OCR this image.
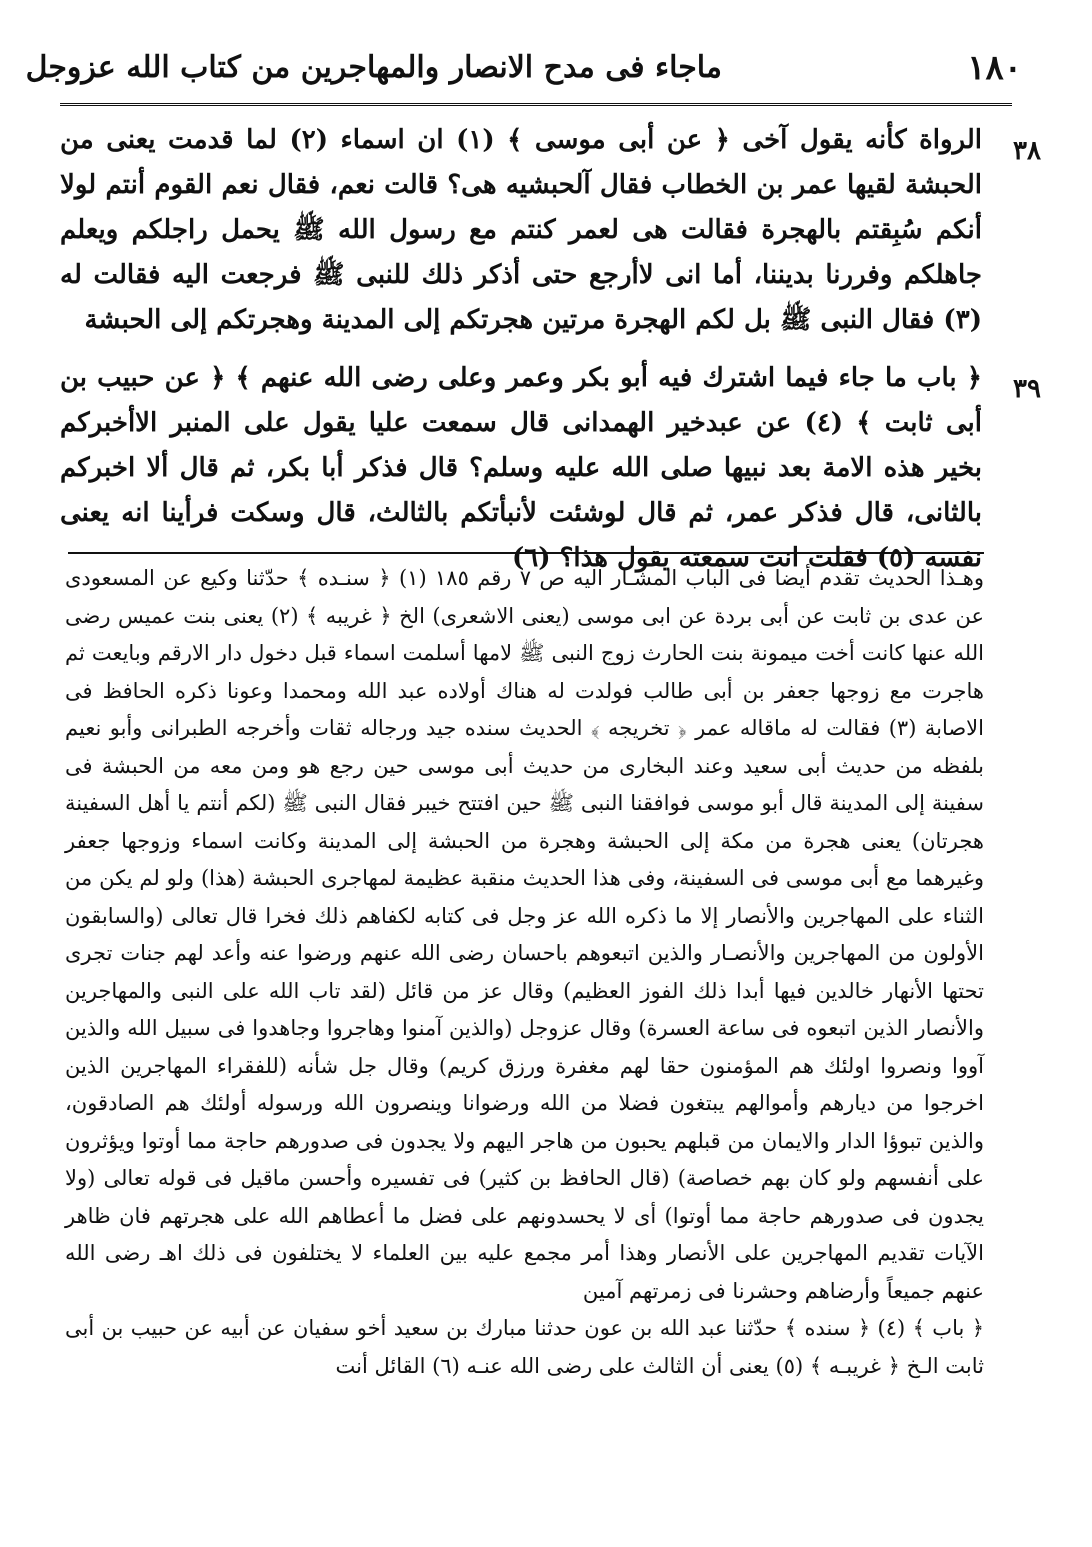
١٨٠
ماجاء فى مدح الانصار والمهاجرين من كتاب الله عزوجل
٣٨
الرواة كأنه يقول آخى ﴿ عن أبى موسى ﴾ (١) ان اسماء (٢) لما قدمت يعنى من الحبشة لقيها عمر بن الخطاب فقال آلحبشيه هى؟ قالت نعم، فقال نعم القوم أنتم لولا أنكم سُبِقتم بالهجرة فقالت هى لعمر كنتم مع رسول الله ﷺ يحمل راجلكم ويعلم جاهلكم وفررنا بديننا، أما انى لاأرجع حتى أذكر ذلك للنبى ﷺ فرجعت اليه فقالت له (٣) فقال النبى ﷺ بل لكم الهجرة مرتين هجرتكم إلى المدينة وهجرتكم إلى الحبشة
٣٩
﴿ باب ما جاء فيما اشترك فيه أبو بكر وعمر وعلى رضى الله عنهم ﴾ ﴿ عن حبيب بن أبى ثابت ﴾ (٤) عن عبدخير الهمدانى قال سمعت عليا يقول على المنبر الاأخبركم بخير هذه الامة بعد نبيها صلى الله عليه وسلم؟ قال فذكر أبا بكر، ثم قال ألا اخبركم بالثانى، قال فذكر عمر، ثم قال لوشئت لأنبأتكم بالثالث، قال وسكت فرأينا انه يعنى نفسه (٥) فقلت انت سمعته يقول هذا؟ (٦)

وهـذا الحديث تقدم أيضا فى الباب المشـار اليه ص ٧ رقم ١٨٥ (١) ﴿ سنـده ﴾ حدّثنا وكيع عن المسعودى عن عدى بن ثابت عن أبى بردة عن ابى موسى (يعنى الاشعرى) الخ ﴿ غريبه ﴾ (٢) يعنى بنت عميس رضى الله عنها كانت أخت ميمونة بنت الحارث زوج النبى ﷺ لامها أسلمت اسماء قبل دخول دار الارقم وبايعت ثم هاجرت مع زوجها جعفر بن أبى طالب فولدت له هناك أولاده عبد الله ومحمدا وعونا ذكره الحافظ فى الاصابة (٣) فقالت له ماقاله عمر ﴿ تخريجه ﴾ الحديث سنده جيد ورجاله ثقات وأخرجه الطبرانى وأبو نعيم بلفظه من حديث أبى سعيد وعند البخارى من حديث أبى موسى حين رجع هو ومن معه من الحبشة فى سفينة إلى المدينة قال أبو موسى فوافقنا النبى ﷺ حين افتتح خيبر فقال النبى ﷺ (لكم أنتم يا أهل السفينة هجرتان) يعنى هجرة من مكة إلى الحبشة وهجرة من الحبشة إلى المدينة وكانت اسماء وزوجها جعفر وغيرهما مع أبى موسى فى السفينة، وفى هذا الحديث منقبة عظيمة لمهاجرى الحبشة (هذا) ولو لم يكن من الثناء على المهاجرين والأنصار إلا ما ذكره الله عز وجل فى كتابه لكفاهم ذلك فخرا قال تعالى (والسابقون الأولون من المهاجرين والأنصـار والذين اتبعوهم باحسان رضى الله عنهم ورضوا عنه وأعد لهم جنات تجرى تحتها الأنهار خالدين فيها أبدا ذلك الفوز العظيم) وقال عز من قائل (لقد تاب الله على النبى والمهاجرين والأنصار الذين اتبعوه فى ساعة العسرة) وقال عزوجل (والذين آمنوا وهاجروا وجاهدوا فى سبيل الله والذين آووا ونصروا اولئك هم المؤمنون حقا لهم مغفرة ورزق كريم) وقال جل شأنه (للفقراء المهاجرين الذين اخرجوا من ديارهم وأموالهم يبتغون فضلا من الله ورضوانا وينصرون الله ورسوله أولئك هم الصادقون، والذين تبوؤا الدار والايمان من قبلهم يحبون من هاجر اليهم ولا يجدون فى صدورهم حاجة مما أوتوا ويؤثرون على أنفسهم ولو كان بهم خصاصة) (قال الحافظ بن كثير) فى تفسيره وأحسن ماقيل فى قوله تعالى (ولا يجدون فى صدورهم حاجة مما أوتوا) أى لا يحسدونهم على فضل ما أعطاهم الله على هجرتهم فان ظاهر الآيات تقديم المهاجرين على الأنصار وهذا أمر مجمع عليه بين العلماء لا يختلفون فى ذلك اهـ رضى الله عنهم جميعاً وأرضاهم وحشرنا فى زمرتهم آمين

﴿ باب ﴾ (٤) ﴿ سنده ﴾ حدّثنا عبد الله بن عون حدثنا مبارك بن سعيد أخو سفيان عن أبيه عن حبيب بن أبى ثابت الـخ ﴿ غريبـه ﴾ (٥) يعنى أن الثالث على رضى الله عنـه (٦) القائل أنت
